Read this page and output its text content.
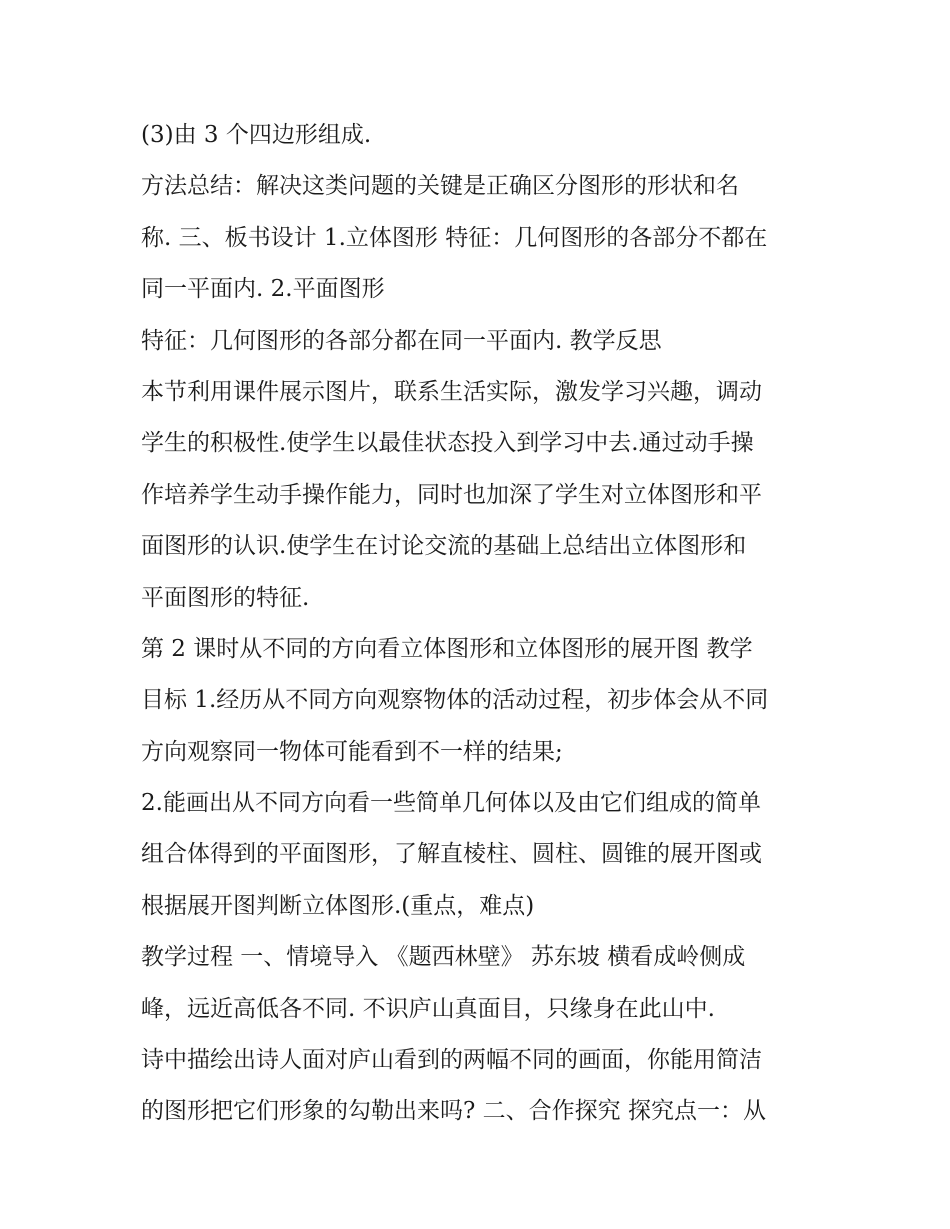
(3)由 3 个四边形组成.
方法总结：解决这类问题的关键是正确区分图形的形状和名
称. 三、板书设计 1.立体图形 特征：几何图形的各部分不都在
同一平面内. 2.平面图形
特征：几何图形的各部分都在同一平面内. 教学反思
本节利用课件展示图片，联系生活实际，激发学习兴趣，调动
学生的积极性.使学生以最佳状态投入到学习中去.通过动手操
作培养学生动手操作能力，同时也加深了学生对立体图形和平
面图形的认识.使学生在讨论交流的基础上总结出立体图形和
平面图形的特征.
第 2 课时从不同的方向看立体图形和立体图形的展开图 教学
目标 1.经历从不同方向观察物体的活动过程，初步体会从不同
方向观察同一物体可能看到不一样的结果;
2.能画出从不同方向看一些简单几何体以及由它们组成的简单
组合体得到的平面图形，了解直棱柱、圆柱、圆锥的展开图或
根据展开图判断立体图形.(重点，难点)
教学过程 一、情境导入 《题西林壁》 苏东坡 横看成岭侧成
峰，远近高低各不同. 不识庐山真面目，只缘身在此山中.
诗中描绘出诗人面对庐山看到的两幅不同的画面，你能用简洁
的图形把它们形象的勾勒出来吗? 二、合作探究 探究点一：从
